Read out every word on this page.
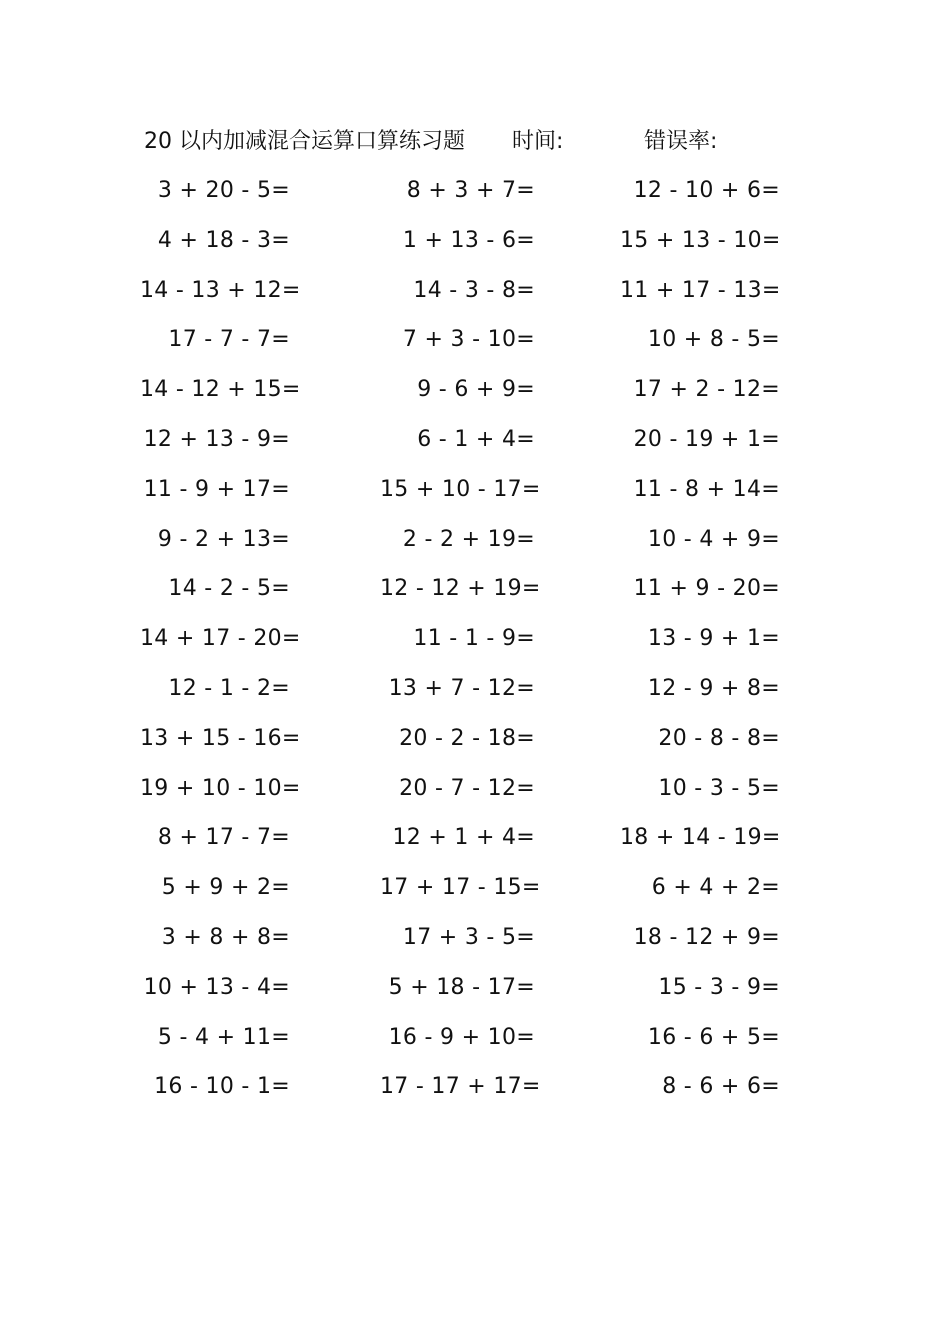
20 以内加减混合运算口算练习题 时间:	错误率:
3 + 20 - 5=	8 + 3 + 7=	12 - 10 + 6=
4 + 18 - 3=	1 + 13 - 6=	15 + 13 - 10=
14 - 13 + 12=	14 - 3 - 8=	11 + 17 - 13=
17 - 7 - 7=	7 + 3 - 10=	10 + 8 - 5=
14 - 12 + 15=	9 - 6 + 9=	17 + 2 - 12=
12 + 13 - 9=	6 - 1 + 4=	20 - 19 + 1=
11 - 9 + 17=	15 + 10 - 17=	11 - 8 + 14=
9 - 2 + 13=	2 - 2 + 19=	10 - 4 + 9=
14 - 2 - 5=	12 - 12 + 19=	11 + 9 - 20=
14 + 17 - 20=	11 - 1 - 9=	13 - 9 + 1=
12 - 1 - 2=	13 + 7 - 12=	12 - 9 + 8=
13 + 15 - 16=	20 - 2 - 18=	20 - 8 - 8=
19 + 10 - 10=	20 - 7 - 12=	10 - 3 - 5=
8 + 17 - 7=	12 + 1 + 4=	18 + 14 - 19=
5 + 9 + 2=	17 + 17 - 15=	6 + 4 + 2=
3 + 8 + 8=	17 + 3 - 5=	18 - 12 + 9=
10 + 13 - 4=	5 + 18 - 17=	15 - 3 - 9=
5 - 4 + 11=	16 - 9 + 10=	16 - 6 + 5=
16 - 10 - 1=	17 - 17 + 17=	8 - 6 + 6=
